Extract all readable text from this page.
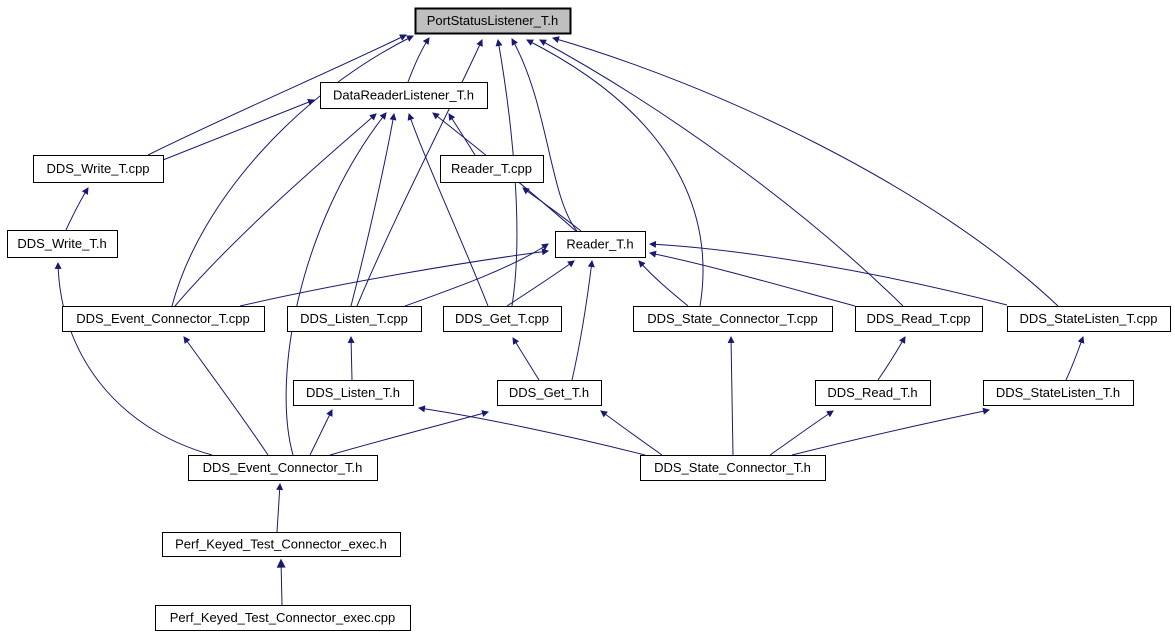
PortStatusListener_T.h
DataReaderListener_T.h
DDS_Write_T.cpp	Reader_T.cpp
DDS_Write_T.h	Reader_T.h
DDS_Event_Connector_T.cpp	DDS_Listen_T.cpp	DDS_Get_T.cpp	DDS_State_Connector_T.cpp	DDS_Read_T.cpp	DDS_StateListen_T.cpp
DDS_Listen_T.h	DDS_Get_T.h	DDS_Read_T.h	DDS_StateListen_T.h
DDS_Event_Connector_T.h	DDS_State_Connector_T.h
Perf_Keyed_Test_Connector_exec.h
Perf_Keyed_Test_Connector_exec.cpp
